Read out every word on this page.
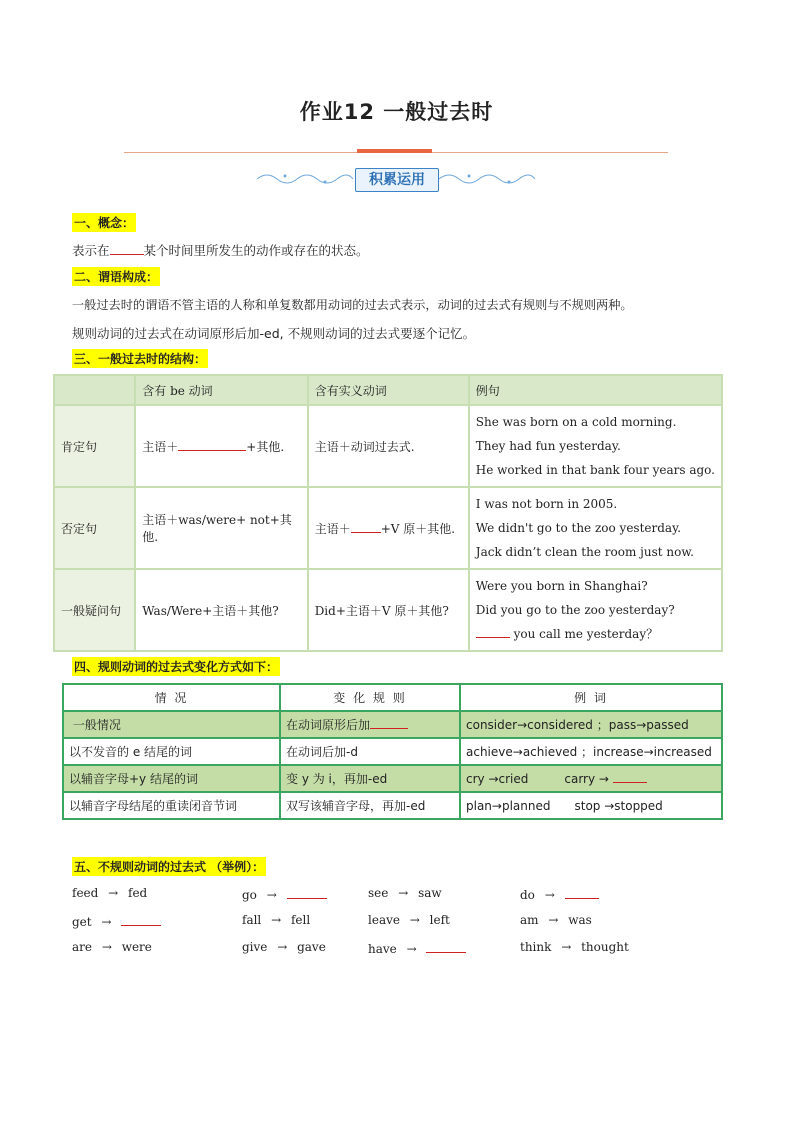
作业12 一般过去时
积累运用
一、概念：
表示在	某个时间里所发生的动作或存在的状态。
二、谓语构成：
一般过去时的谓语不管主语的人称和单复数都用动词的过去式表示，动词的过去式有规则与不规则两种。
规则动词的过去式在动词原形后加-ed, 不规则动词的过去式要逐个记忆。
三、一般过去时的结构：
	含有 be 动词	含有实义动词	例句
肯定句	主语＋ +其他.	主语＋动词过去式.	She was born on a cold morning.
They had fun yesterday.
He worked in that bank four years ago.

否定句	主语＋was/were+ not+其他.	主语＋ +V 原＋其他.	I was not born in 2005.
We didn't go to the zoo yesterday.
Jack didn’t clean the room just now.

一般疑问句	Was/Were+主语＋其他?	Did+主语＋V 原＋其他?	Were you born in Shanghai?
Did you go to the zoo yesterday?
you call me yesterday？
四、规则动词的过去式变化方式如下：
情 况	变 化 规 则	例 词
一般情况	在动词原形后加	consider→considered ；pass→passed
以不发音的 e 结尾的词	在动词后加-d	achieve→achieved ；increase→increased
以辅音字母+y 结尾的词	变 y 为 i，再加-ed	cry →cried carry →
以辅音字母结尾的重读闭音节词	双写该辅音字母，再加-ed	plan→planned stop →stopped
五、不规则动词的过去式 （举例）：
feed → fed	go →	see → saw	do →
get →	fall → fell	leave → left	am → was
are → were	give → gave	have →	think → thought
